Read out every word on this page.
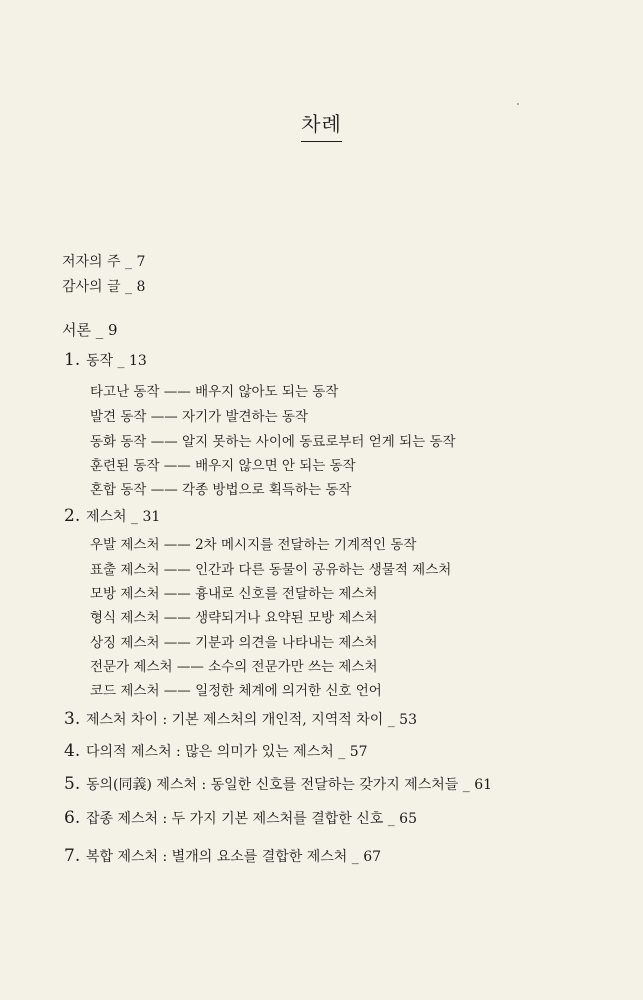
차례
저자의 주 _ 7
감사의 글 _ 8
서론 _ 9
1. 동작 _ 13
타고난 동작 —— 배우지 않아도 되는 동작
발견 동작 —— 자기가 발견하는 동작
동화 동작 —— 알지 못하는 사이에 동료로부터 얻게 되는 동작
훈련된 동작 —— 배우지 않으면 안 되는 동작
혼합 동작 —— 각종 방법으로 획득하는 동작
2. 제스처 _ 31
우발 제스처 —— 2차 메시지를 전달하는 기계적인 동작
표출 제스처 —— 인간과 다른 동물이 공유하는 생물적 제스처
모방 제스처 —— 흉내로 신호를 전달하는 제스처
형식 제스처 —— 생략되거나 요약된 모방 제스처
상징 제스처 —— 기분과 의견을 나타내는 제스처
전문가 제스처 —— 소수의 전문가만 쓰는 제스처
코드 제스처 —— 일정한 체계에 의거한 신호 언어
3. 제스처 차이 : 기본 제스처의 개인적, 지역적 차이 _ 53
4. 다의적 제스처 : 많은 의미가 있는 제스처 _ 57
5. 동의(同義) 제스처 : 동일한 신호를 전달하는 갖가지 제스처들 _ 61
6. 잡종 제스처 : 두 가지 기본 제스처를 결합한 신호 _ 65
7. 복합 제스처 : 별개의 요소를 결합한 제스처 _ 67
